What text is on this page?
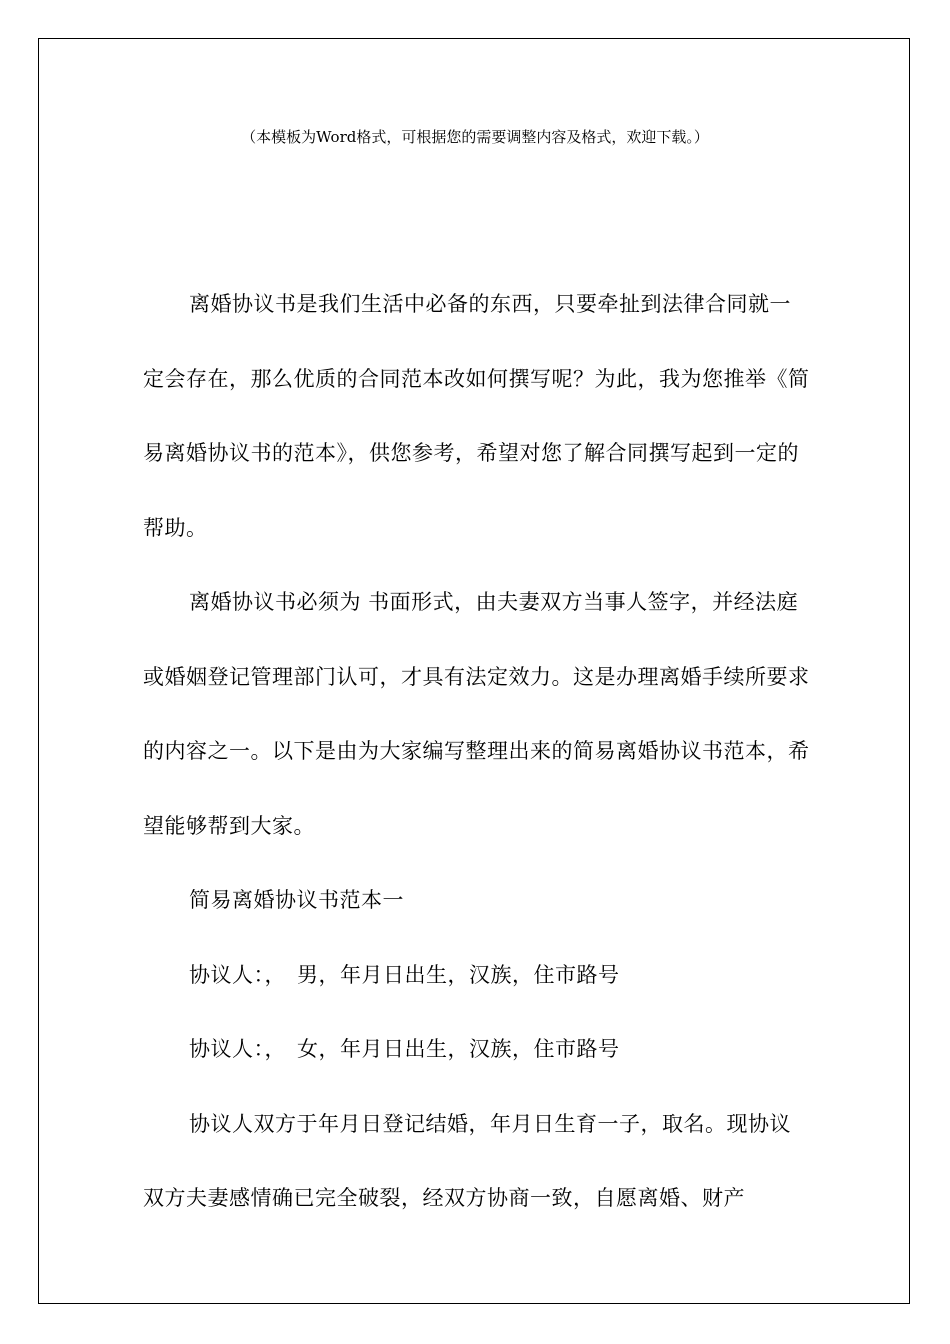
（本模板为Word格式，可根据您的需要调整内容及格式，欢迎下载。）

离婚协议书是我们生活中必备的东西，只要牵扯到法律合同就一定会存在，那么优质的合同范本改如何撰写呢？为此，我为您推举《简易离婚协议书的范本》，供您参考，希望对您了解合同撰写起到一定的帮助。

离婚协议书必须为 书面形式，由夫妻双方当事人签字，并经法庭或婚姻登记管理部门认可，才具有法定效力。这是办理离婚手续所要求的内容之一。以下是由为大家编写整理出来的简易离婚协议书范本，希望能够帮到大家。

简易离婚协议书范本一

协议人：，　男，年月日出生，汉族，住市路号

协议人：，　女，年月日出生，汉族，住市路号

协议人双方于年月日登记结婚，年月日生育一子，取名。现协议双方夫妻感情确已完全破裂，经双方协商一致，自愿离婚、财产
